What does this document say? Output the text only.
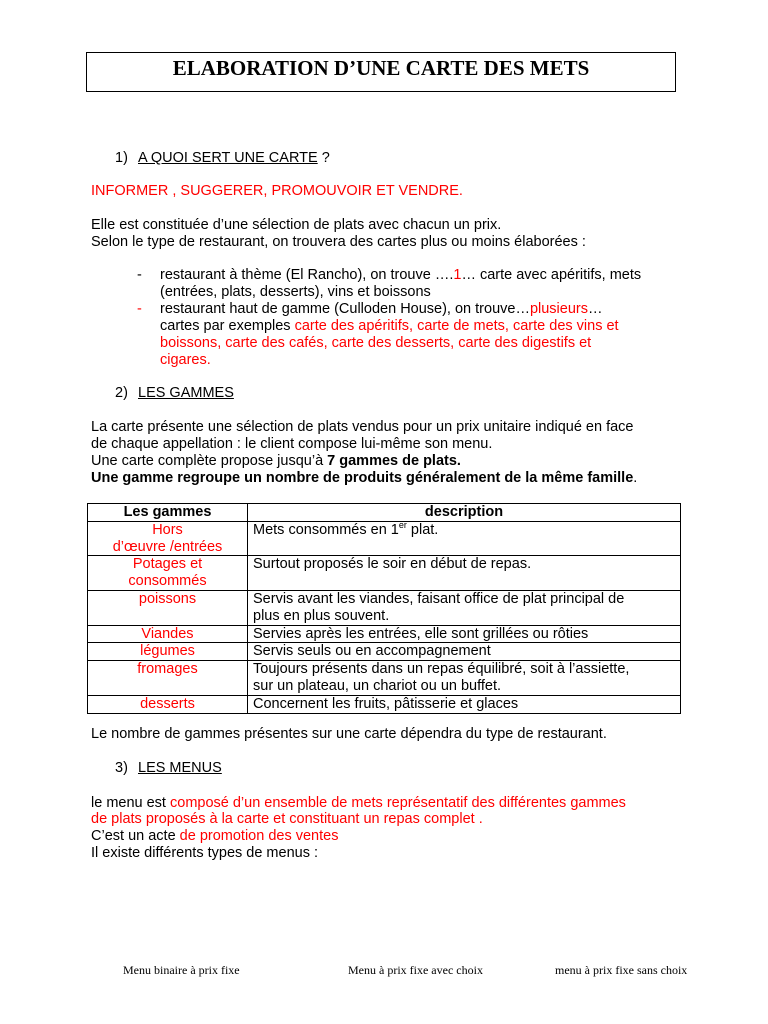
ELABORATION D’UNE CARTE DES METS
1) A QUOI SERT UNE CARTE ?
INFORMER , SUGGERER, PROMOUVOIR ET VENDRE.
Elle est constituée d’une sélection de plats avec chacun un prix.
Selon le type de restaurant, on trouvera des cartes plus ou moins élaborées :
-	restaurant à thème (El Rancho), on trouve ….1… carte avec apéritifs, mets
(entrées, plats, desserts), vins et boissons
-	restaurant haut de gamme (Culloden House), on trouve…plusieurs…
cartes par exemples carte des apéritifs, carte de mets, carte des vins et
boissons, carte des cafés, carte des desserts, carte des digestifs et
cigares.
2) LES GAMMES
La carte présente une sélection de plats vendus pour un prix unitaire indiqué en face
de chaque appellation : le client compose lui-même son menu.
Une carte complète propose jusqu’à 7 gammes de plats.
Une gamme regroupe un nombre de produits généralement de la même famille.
Les gammes	description

Hors
d’œuvre /entrées	Mets consommés en 1er plat.

Potages et
consommés	Surtout proposés le soir en début de repas.

poissons	Servis avant les viandes, faisant office de plat principal de
plus en plus souvent.

Viandes	Servies après les entrées, elle sont grillées ou rôties

légumes	Servis seuls ou en accompagnement

fromages	Toujours présents dans un repas équilibré, soit à l’assiette,
sur un plateau, un chariot ou un buffet.

desserts	Concernent les fruits, pâtisserie et glaces
Le nombre de gammes présentes sur une carte dépendra du type de restaurant.
3) LES MENUS
le menu est composé d’un ensemble de mets représentatif des différentes gammes
de plats proposés à la carte et constituant un repas complet .
C’est un acte de promotion des ventes
Il existe différents types de menus :
Menu binaire à prix fixe	Menu à prix fixe avec choix	menu à prix fixe sans choix
